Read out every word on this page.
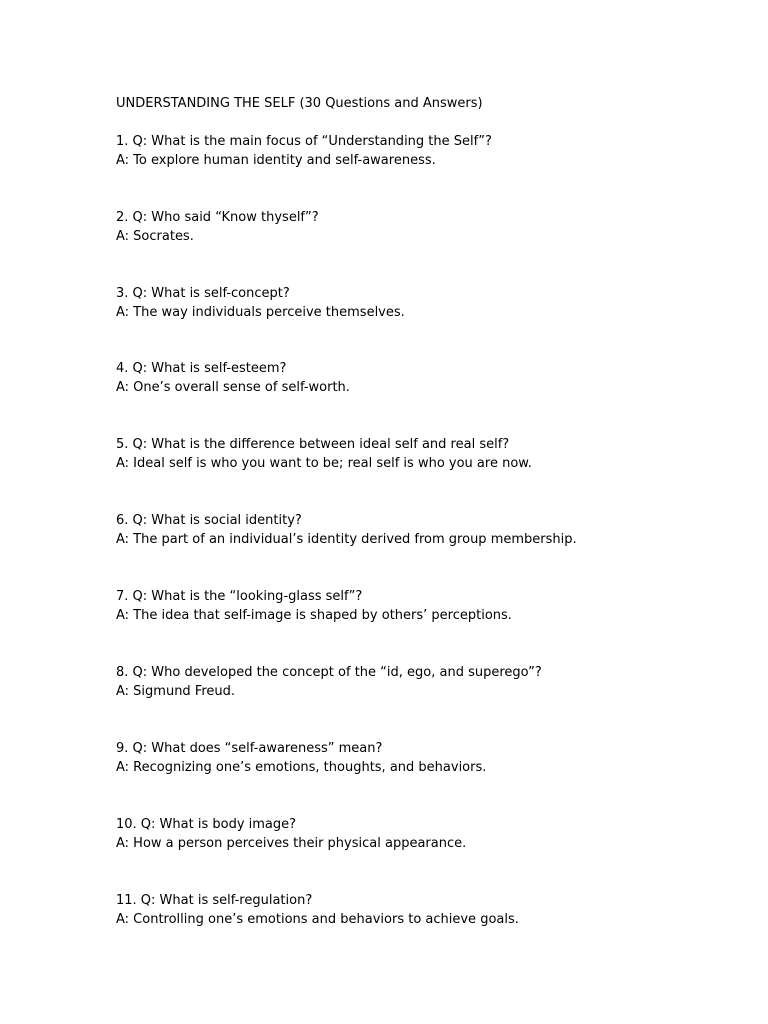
UNDERSTANDING THE SELF (30 Questions and Answers)
1. Q: What is the main focus of “Understanding the Self”?
A: To explore human identity and self-awareness.
2. Q: Who said “Know thyself”?
A: Socrates.
3. Q: What is self-concept?
A: The way individuals perceive themselves.
4. Q: What is self-esteem?
A: One’s overall sense of self-worth.
5. Q: What is the difference between ideal self and real self?
A: Ideal self is who you want to be; real self is who you are now.
6. Q: What is social identity?
A: The part of an individual’s identity derived from group membership.
7. Q: What is the “looking-glass self”?
A: The idea that self-image is shaped by others’ perceptions.
8. Q: Who developed the concept of the “id, ego, and superego”?
A: Sigmund Freud.
9. Q: What does “self-awareness” mean?
A: Recognizing one’s emotions, thoughts, and behaviors.
10. Q: What is body image?
A: How a person perceives their physical appearance.
11. Q: What is self-regulation?
A: Controlling one’s emotions and behaviors to achieve goals.
